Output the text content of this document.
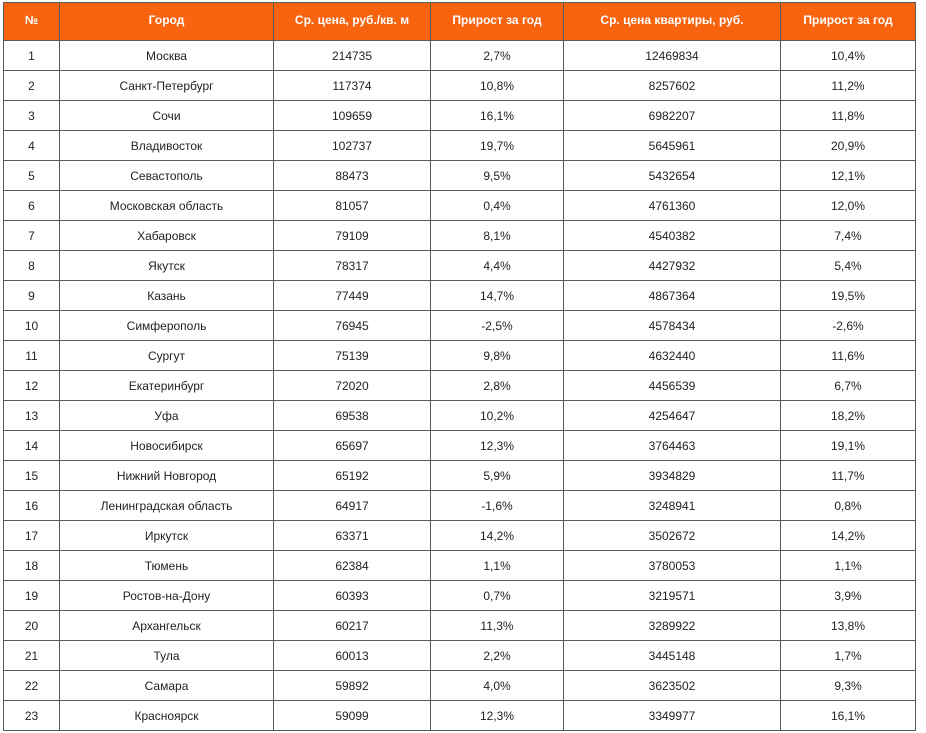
№	Город	Ср. цена, руб./кв. м	Прирост за год	Ср. цена квартиры, руб.	Прирост за год
1	Москва	214735	2,7%	12469834	10,4%
2	Санкт-Петербург	117374	10,8%	8257602	11,2%
3	Сочи	109659	16,1%	6982207	11,8%
4	Владивосток	102737	19,7%	5645961	20,9%
5	Севастополь	88473	9,5%	5432654	12,1%
6	Московская область	81057	0,4%	4761360	12,0%
7	Хабаровск	79109	8,1%	4540382	7,4%
8	Якутск	78317	4,4%	4427932	5,4%
9	Казань	77449	14,7%	4867364	19,5%
10	Симферополь	76945	-2,5%	4578434	-2,6%
11	Сургут	75139	9,8%	4632440	11,6%
12	Екатеринбург	72020	2,8%	4456539	6,7%
13	Уфа	69538	10,2%	4254647	18,2%
14	Новосибирск	65697	12,3%	3764463	19,1%
15	Нижний Новгород	65192	5,9%	3934829	11,7%
16	Ленинградская область	64917	-1,6%	3248941	0,8%
17	Иркутск	63371	14,2%	3502672	14,2%
18	Тюмень	62384	1,1%	3780053	1,1%
19	Ростов-на-Дону	60393	0,7%	3219571	3,9%
20	Архангельск	60217	11,3%	3289922	13,8%
21	Тула	60013	2,2%	3445148	1,7%
22	Самара	59892	4,0%	3623502	9,3%
23	Красноярск	59099	12,3%	3349977	16,1%
